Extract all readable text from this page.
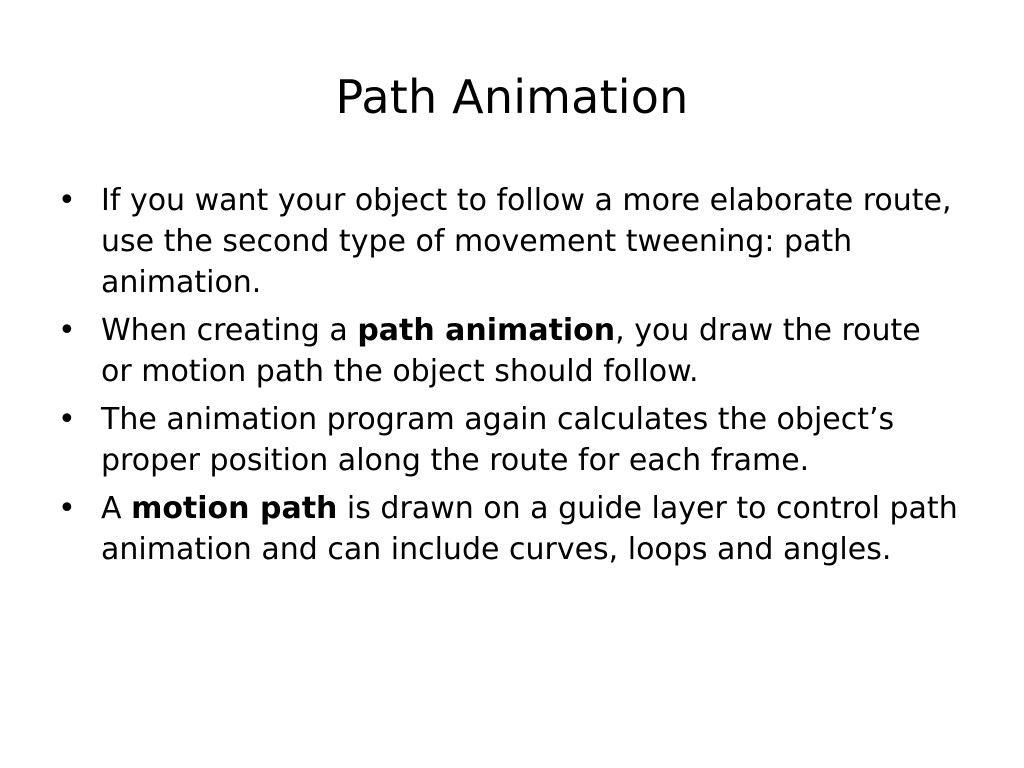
Path Animation
• If you want your object to follow a more elaborate route, use the second type of movement tweening: path animation.
• When creating a path animation, you draw the route or motion path the object should follow.
• The animation program again calculates the object’s proper position along the route for each frame.
• A motion path is drawn on a guide layer to control path animation and can include curves, loops and angles.
